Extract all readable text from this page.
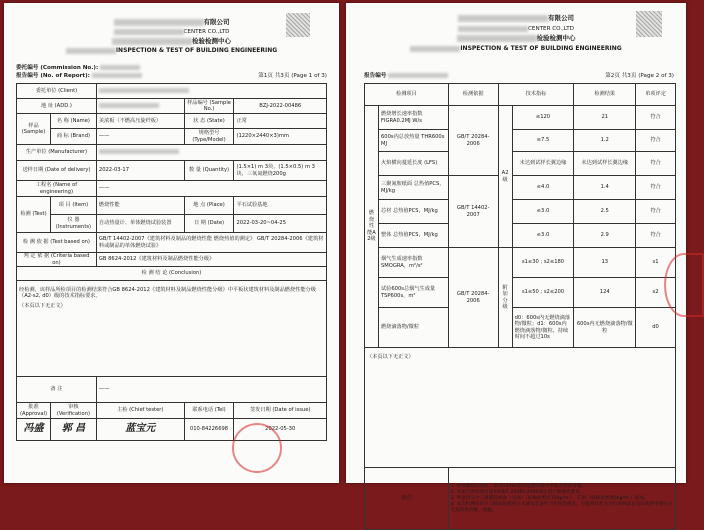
有限公司
CENTER CO.,LTD
检验检测中心
INSPECTION & TEST OF BUILDING ENGINEERING
委托编号 (Commission No.):
报告编号 (No. of Report):	第1页 共3页 (Page 1 of 3)
委托单位 (Client)				
地 址 (ADD.)			样品编号 (Sample No.)	BZJ-2022-00486
样品 (Sample)	名 称 (Name)	美浓板（不燃高压旋纤板）	状 态 (State)	正常
	商 标 (Brand)	——	规格型号 (Type/Model)	(1220×2440×3)mm
生产单位 (Manufacturer)				
送样日期 (Date of delivery)		2022-03-17	数 量 (Quantity)	(1.5×1) m 3块、(1.5×0.5) m 3块、三氧氮燃烧200g
工程名 (Name of engineering)		——		
检测 (Test)	项 目 (Item)	燃烧性能	地 点 (Place)	平石试验基地
	仪 器 (Instruments)	自动热量计、单体燃烧试验装置	日 期 (Date)	2022-03-20~04-25
检 测 依 据 (Test based on)		GB/T 14402-2007《建筑材料及制品的燃烧性能 燃烧热值的测定》 GB/T 20284-2006《建筑材料或制品的单体燃烧试验》		
判 定 依 据 (Criteria based on)		GB 8624-2012《建筑材料及制品燃烧性能分级》		
检 测 结 论 (Conclusion)				

经检测，该样品所检项目的检测结果符合GB 8624-2012《建筑材料及制品燃烧性能分级》中平板状建筑材料及制品燃烧性能分级（A2-s2, d0）级的技术指标要求。
（本页以下无正文）				

备 注		——		
批准 (Approval)	审核 (Verification)	主检 (Chief tester)	联系电话 (Tel)	签发日期 (Date of issue)
冯盛	郭 昌	蓝宝元	010-84226698	2022-05-30
有限公司
CENTER CO.,LTD
检验检测中心
INSPECTION & TEST OF BUILDING ENGINEERING
报告编号	第2页 共3页 (Page 2 of 3)
检测项目		检测依据	技术指标		检测结果	单项评定
燃烧性能A2级	燃烧增长速率指数 FIGRA0.2MJ W/s	GB/T 20284-2006	A2级	≤120	21	符合
	600s内总放热量 THR600s MJ			≤7.5	1.2	符合
	火焰横向蔓延长度 (LFS)			未达到试样长翼边缘	未达到试样长翼边缘	符合
	三聚氰胺纸面 总热值PCS，MJ/kg	GB/T 14402-2007		≤4.0	1.4	符合
	芯材 总热值PCS，MJ/kg			≤3.0	2.5	符合
	整体 总热值PCS，MJ/kg			≤3.0	2.9	符合
	烟气生成速率指数 SMOGRA，m²/s²	GB/T 20284-2006	附加分级	s1≤30 ; s2≤180	13	s1
	试验600s总烟气生成量TSP600s，m²			s1≤50 ; s2≤200	124	s2
	燃烧滴落物/微粒			d0：600s内无燃烧滴落物/微粒；d1：600s内燃烧滴落物/微粒，持续时间不超过10s	600s内无燃烧滴落物/微粒	d0
（本页以下无正文）						
备注		1. 单体燃烧试验时，采用12mm厚的硅酸钙板为所检试件的背板。
2. 本报告所检项目适用GB/T 20285-2006规定的产烟毒性要求。
3. 所送样品中三聚氰胺纸面（双面）（标称面密度100g/m²），芯材（标称面密度5kg/m²）构成。
4. 本次检测结果只与制品的使用方式或安装条件下的性能相关，不能将其作为评价该制品在实际使用中潜在火灾危险性的唯一依据。				
